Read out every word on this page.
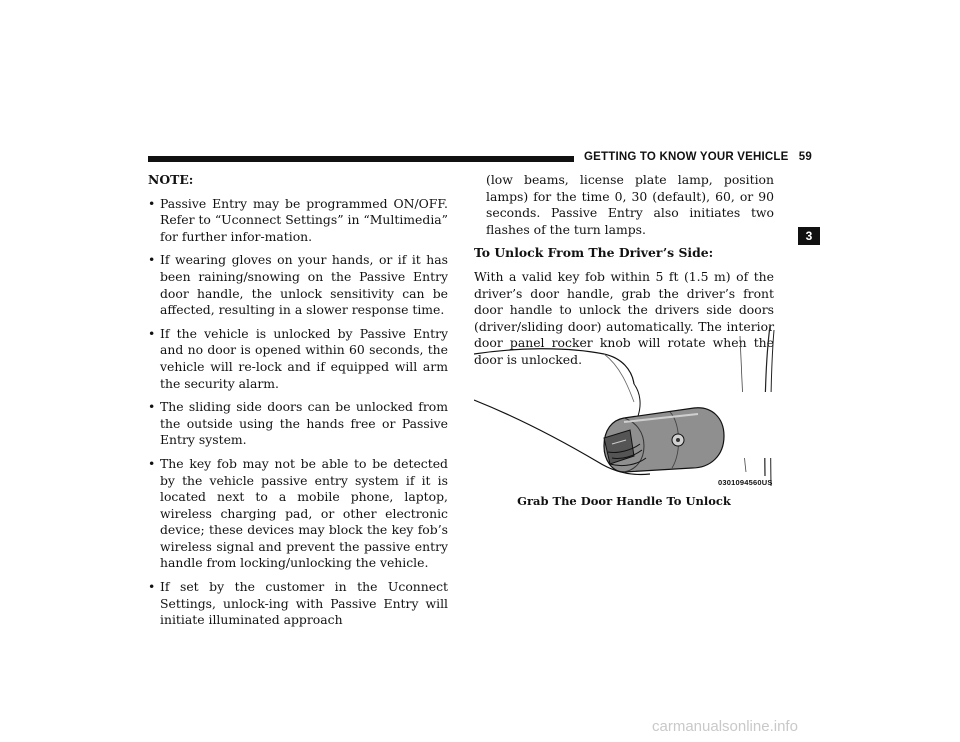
GETTING TO KNOW YOUR VEHICLE 59
3
NOTE:
• Passive Entry may be programmed ON/OFF. Refer to “Uconnect Settings” in “Multimedia” for further infor-mation.
• If wearing gloves on your hands, or if it has been raining/snowing on the Passive Entry door handle, the unlock sensitivity can be affected, resulting in a slower response time.
• If the vehicle is unlocked by Passive Entry and no door is opened within 60 seconds, the vehicle will re-lock and if equipped will arm the security alarm.
• The sliding side doors can be unlocked from the outside using the hands free or Passive Entry system.
• The key fob may not be able to be detected by the vehicle passive entry system if it is located next to a mobile phone, laptop, wireless charging pad, or other electronic device; these devices may block the key fob’s wireless signal and prevent the passive entry handle from locking/unlocking the vehicle.
• If set by the customer in the Uconnect Settings, unlock-ing with Passive Entry will initiate illuminated approach
(low beams, license plate lamp, position lamps) for the time 0, 30 (default), 60, or 90 seconds. Passive Entry also initiates two flashes of the turn lamps.
To Unlock From The Driver’s Side:
With a valid key fob within 5 ft (1.5 m) of the driver’s door handle, grab the driver’s front door handle to unlock the drivers side doors (driver/sliding door) automatically. The interior door panel rocker knob will rotate when the door is unlocked.
0301094560US
Grab The Door Handle To Unlock
carmanualsonline.info
